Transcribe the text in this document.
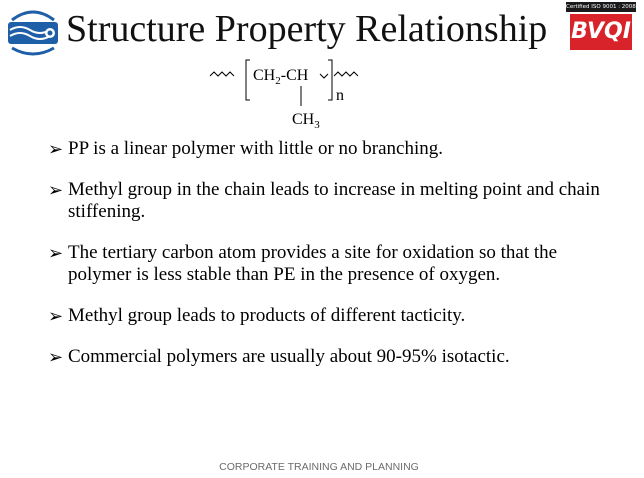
Structure Property Relationship
Certified ISO 9001 : 2008 by
BVQI
$CH_2-CH$
n
$CH_3$
➢ PP is a linear polymer with little or no branching.
➢ Methyl group in the chain leads to increase in melting point and chain stiffening.
➢ The tertiary carbon atom provides a site for oxidation so that the polymer is less stable than PE in the presence of oxygen.
➢ Methyl group leads to products of different tacticity.
➢ Commercial polymers are usually about 90-95% isotactic.
CORPORATE TRAINING AND PLANNING
